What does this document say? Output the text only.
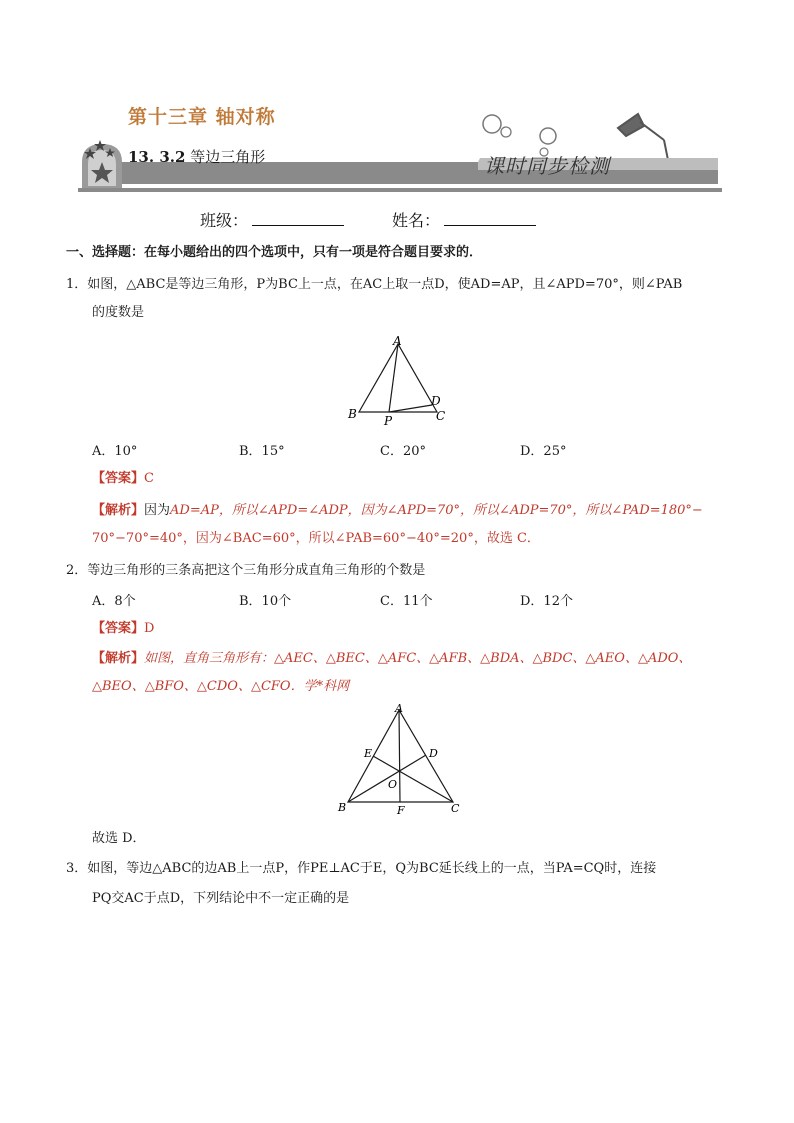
第十三章 轴对称
13. 3.2 等边三角形	课时同步检测
班级：	姓名：
一、选择题：在每小题给出的四个选项中，只有一项是符合题目要求的．
1．如图，△ABC是等边三角形，P为BC上一点，在AC上取一点D，使AD=AP，且∠APD=70°，则∠PAB
的度数是
A
B	C
D
P
A．10°	B．15°	C．20°	D．25°
【答案】C
【解析】因为AD=AP，所以∠APD=∠ADP，因为∠APD=70°，所以∠ADP=70°，所以∠PAD=180°−
70°−70°=40°，因为∠BAC=60°，所以∠PAB=60°−40°=20°，故选 C．
2．等边三角形的三条高把这个三角形分成直角三角形的个数是
A．8个	B．10个	C．11个	D．12个
【答案】D
【解析】如图，直角三角形有：△AEC、△BEC、△AFC、△AFB、△BDA、△BDC、△AEO、△ADO、
△BEO、△BFO、△CDO、△CFO．学*科网
A
B	C
D
E
F
O
故选 D．
3．如图，等边△ABC的边AB上一点P，作PE⊥AC于E，Q为BC延长线上的一点，当PA=CQ时，连接
PQ交AC于点D，下列结论中不一定正确的是
